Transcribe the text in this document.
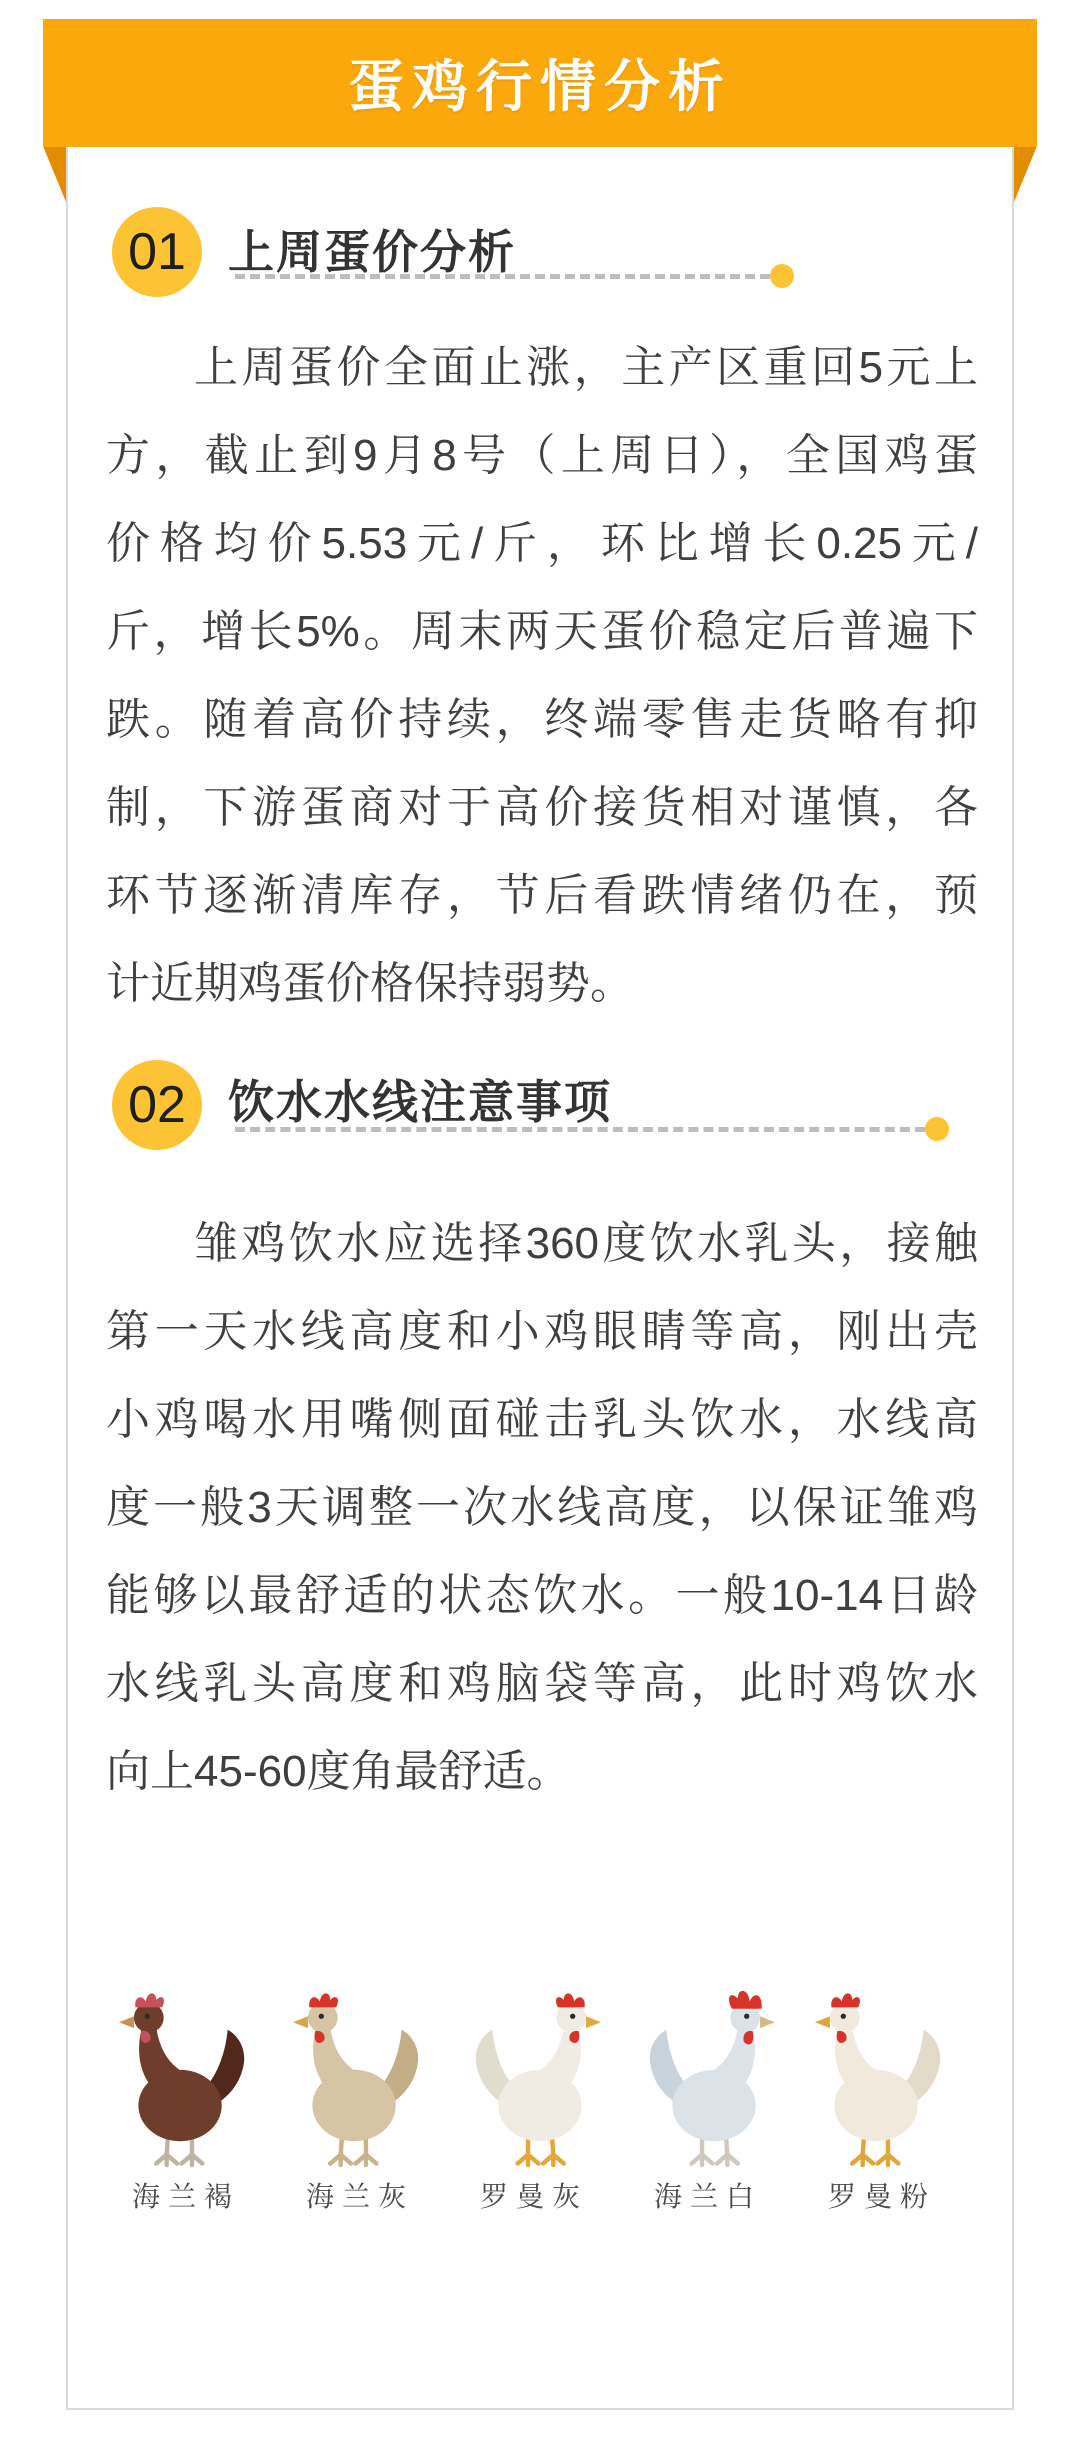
蛋鸡行情分析
01 上周蛋价分析
上周蛋价全面止涨，主产区重回5元上
方，截止到9月8号（上周日），全国鸡蛋
价格均价5.53元/斤，环比增长0.25元/
斤，增长5%。周末两天蛋价稳定后普遍下
跌。随着高价持续，终端零售走货略有抑
制，下游蛋商对于高价接货相对谨慎，各
环节逐渐清库存，节后看跌情绪仍在，预
计近期鸡蛋价格保持弱势。
02 饮水水线注意事项
雏鸡饮水应选择360度饮水乳头，接触
第一天水线高度和小鸡眼睛等高，刚出壳
小鸡喝水用嘴侧面碰击乳头饮水，水线高
度一般3天调整一次水线高度，以保证雏鸡
能够以最舒适的状态饮水。一般10-14日龄
水线乳头高度和鸡脑袋等高，此时鸡饮水
向上45-60度角最舒适。
海兰褐 海兰灰 罗曼灰 海兰白 罗曼粉
